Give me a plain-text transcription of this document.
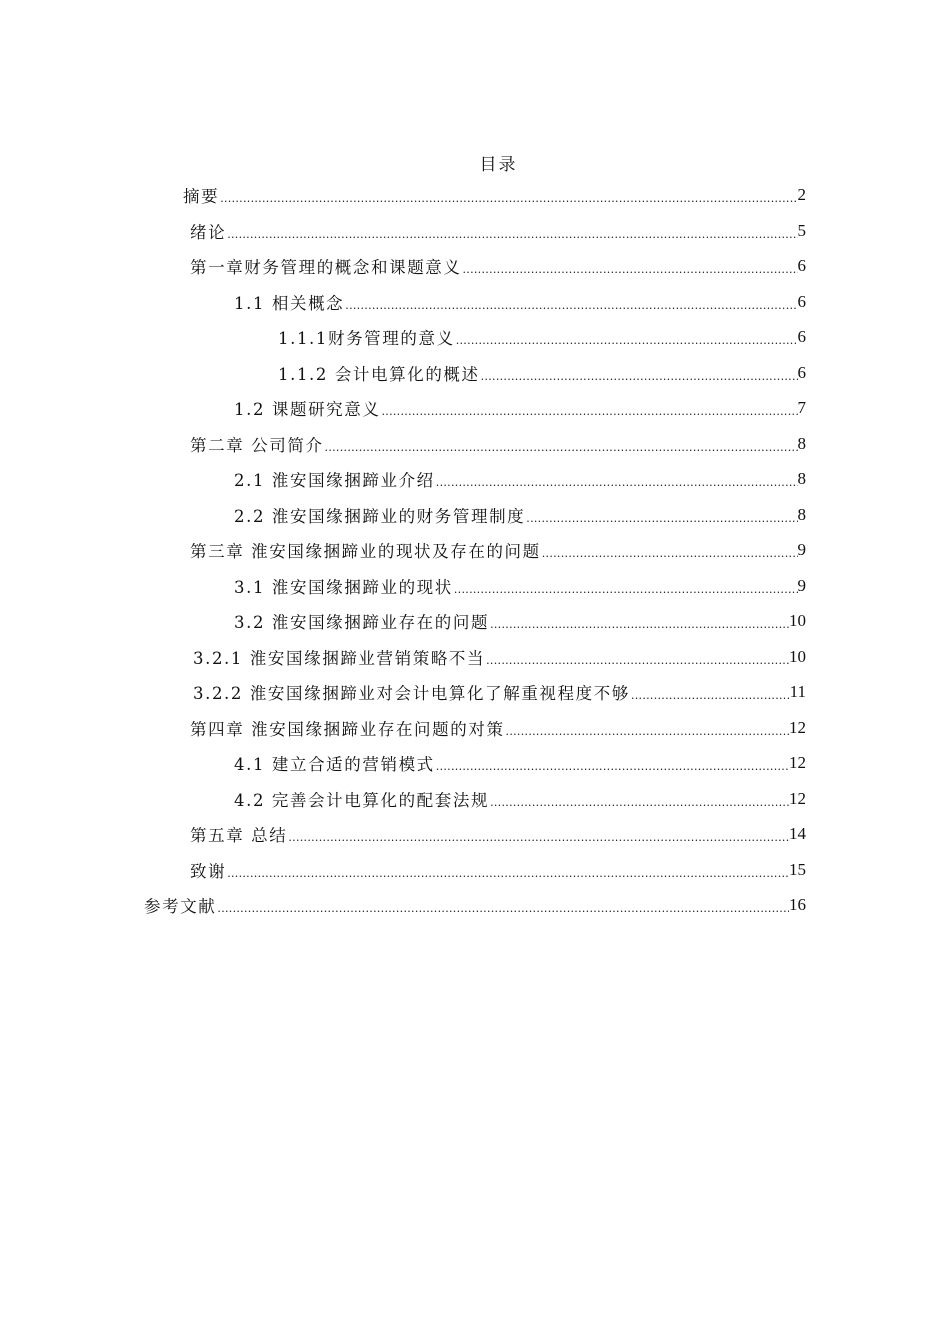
目录
摘要 .....	2
绪论 .....	5
第一章财务管理的概念和课题意义 .....	6
1.1 相关概念 .....	6
1.1.1财务管理的意义 .....	6
1.1.2 会计电算化的概述 .....	6
1.2 课题研究意义 .....	7
第二章 公司简介 .....	8
2.1 淮安国缘捆蹄业介绍 .....	8
2.2 淮安国缘捆蹄业的财务管理制度 .....	8
第三章 淮安国缘捆蹄业的现状及存在的问题 .....	9
3.1 淮安国缘捆蹄业的现状 .....	9
3.2 淮安国缘捆蹄业存在的问题 .....	10
3.2.1 淮安国缘捆蹄业营销策略不当 .....	10
3.2.2 淮安国缘捆蹄业对会计电算化了解重视程度不够 .....	11
第四章 淮安国缘捆蹄业存在问题的对策 .....	12
4.1 建立合适的营销模式 .....	12
4.2 完善会计电算化的配套法规 .....	12
第五章 总结 .....	14
致谢 .....	15
参考文献 .....	16
